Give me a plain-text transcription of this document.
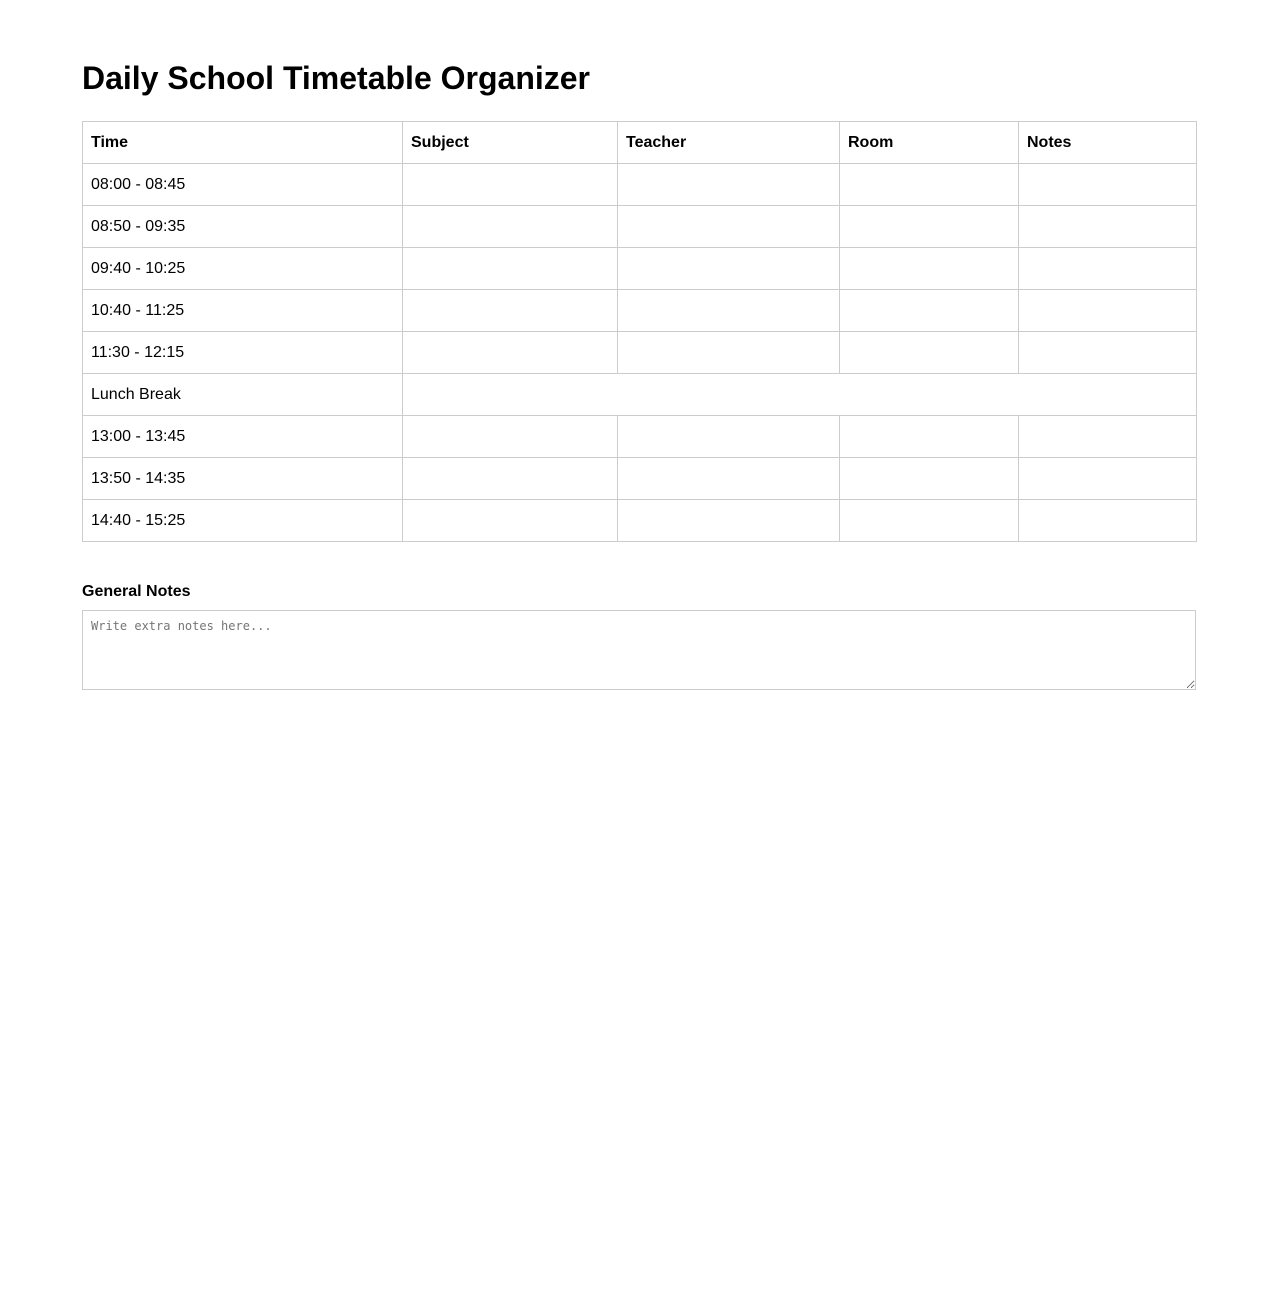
Daily School Timetable Organizer
Time	Subject	Teacher	Room	Notes
08:00 - 08:45				
08:50 - 09:35				
09:40 - 10:25				
10:40 - 11:25				
11:30 - 12:15				
Lunch Break				
13:00 - 13:45				
13:50 - 14:35				
14:40 - 15:25				
General Notes
Write extra notes here...
